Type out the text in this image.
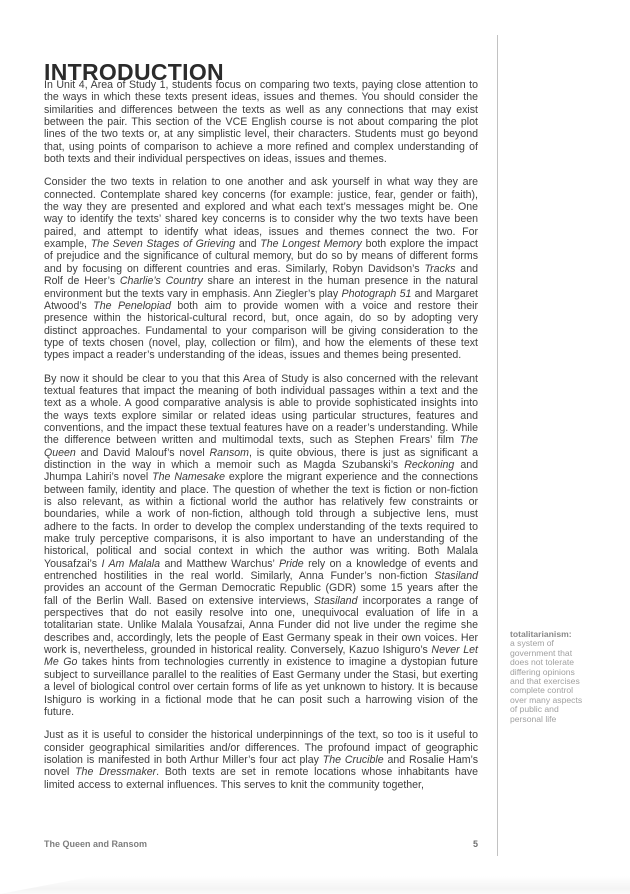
INTRODUCTION

In Unit 4, Area of Study 1, students focus on comparing two texts, paying close attention to the ways in which these texts present ideas, issues and themes. You should consider the similarities and differences between the texts as well as any connections that may exist between the pair. This section of the VCE English course is not about comparing the plot lines of the two texts or, at any simplistic level, their characters. Students must go beyond that, using points of comparison to achieve a more refined and complex understanding of both texts and their individual perspectives on ideas, issues and themes.

Consider the two texts in relation to one another and ask yourself in what way they are connected. Contemplate shared key concerns (for example: justice, fear, gender or faith), the way they are presented and explored and what each text’s messages might be. One way to identify the texts’ shared key concerns is to consider why the two texts have been paired, and attempt to identify what ideas, issues and themes connect the two. For example, The Seven Stages of Grieving and The Longest Memory both explore the impact of prejudice and the significance of cultural memory, but do so by means of different forms and by focusing on different countries and eras. Similarly, Robyn Davidson’s Tracks and Rolf de Heer’s Charlie’s Country share an interest in the human presence in the natural environment but the texts vary in emphasis. Ann Ziegler’s play Photograph 51 and Margaret Atwood’s The Penelopiad both aim to provide women with a voice and restore their presence within the historical-cultural record, but, once again, do so by adopting very distinct approaches. Fundamental to your comparison will be giving consideration to the type of texts chosen (novel, play, collection or film), and how the elements of these text types impact a reader’s understanding of the ideas, issues and themes being presented.

By now it should be clear to you that this Area of Study is also concerned with the relevant textual features that impact the meaning of both individual passages within a text and the text as a whole. A good comparative analysis is able to provide sophisticated insights into the ways texts explore similar or related ideas using particular structures, features and conventions, and the impact these textual features have on a reader’s understanding. While the difference between written and multimodal texts, such as Stephen Frears’ film The Queen and David Malouf’s novel Ransom, is quite obvious, there is just as significant a distinction in the way in which a memoir such as Magda Szubanski’s Reckoning and Jhumpa Lahiri’s novel The Namesake explore the migrant experience and the connections between family, identity and place. The question of whether the text is fiction or non-fiction is also relevant, as within a fictional world the author has relatively few constraints or boundaries, while a work of non-fiction, although told through a subjective lens, must adhere to the facts. In order to develop the complex understanding of the texts required to make truly perceptive comparisons, it is also important to have an understanding of the historical, political and social context in which the author was writing. Both Malala Yousafzai’s I Am Malala and Matthew Warchus’ Pride rely on a knowledge of events and entrenched hostilities in the real world. Similarly, Anna Funder’s non-fiction Stasiland provides an account of the German Democratic Republic (GDR) some 15 years after the fall of the Berlin Wall. Based on extensive interviews, Stasiland incorporates a range of perspectives that do not easily resolve into one, unequivocal evaluation of life in a totalitarian state. Unlike Malala Yousafzai, Anna Funder did not live under the regime she describes and, accordingly, lets the people of East Germany speak in their own voices. Her work is, nevertheless, grounded in historical reality. Conversely, Kazuo Ishiguro’s Never Let Me Go takes hints from technologies currently in existence to imagine a dystopian future subject to surveillance parallel to the realities of East Germany under the Stasi, but exerting a level of biological control over certain forms of life as yet unknown to history. It is because Ishiguro is working in a fictional mode that he can posit such a harrowing vision of the future.

Just as it is useful to consider the historical underpinnings of the text, so too is it useful to consider geographical similarities and/or differences. The profound impact of geographic isolation is manifested in both Arthur Miller’s four act play The Crucible and Rosalie Ham’s novel The Dressmaker. Both texts are set in remote locations whose inhabitants have limited access to external influences. This serves to knit the community together,

totalitarianism:
a system of government that does not tolerate differing opinions and that exercises complete control over many aspects of public and personal life
The Queen and Ransom	5
